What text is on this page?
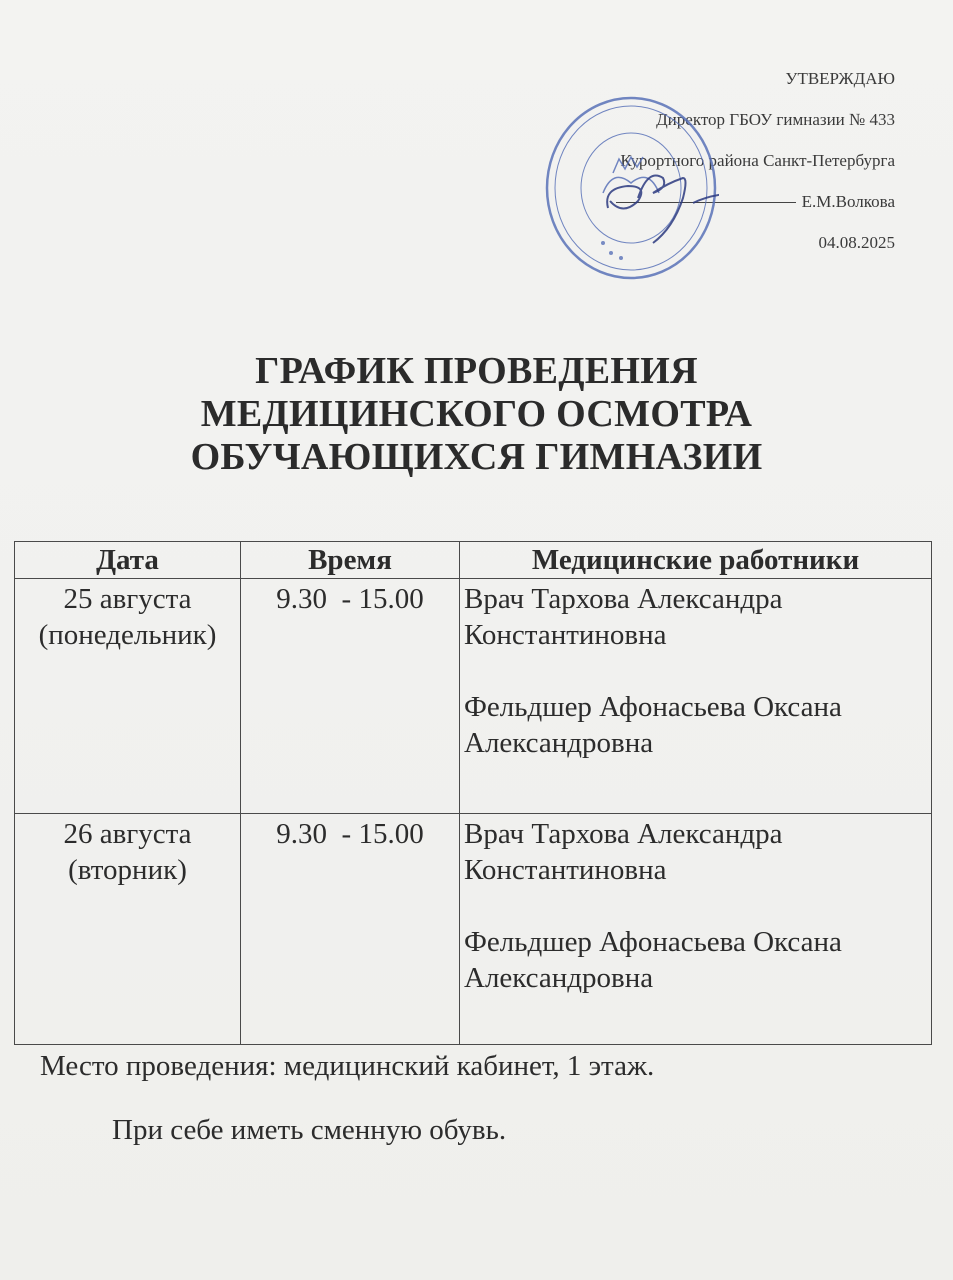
УТВЕРЖДАЮ
Директор ГБОУ гимназии № 433
Курортного района Санкт-Петербурга
Е.М.Волкова
04.08.2025
ГРАФИК ПРОВЕДЕНИЯ
МЕДИЦИНСКОГО ОСМОТРА
ОБУЧАЮЩИХСЯ ГИМНАЗИИ
Дата	Время	Медицинские работники

25 августа
(понедельник)
	9.30  - 15.00	Врач Тархова Александра
Константиновна
Фельдшер Афонасьева Оксана
Александровна

26 августа
(вторник)
	9.30  - 15.00	Врач Тархова Александра
Константиновна
Фельдшер Афонасьева Оксана
Александровна
Место проведения: медицинский кабинет, 1 этаж.
При себе иметь сменную обувь.
